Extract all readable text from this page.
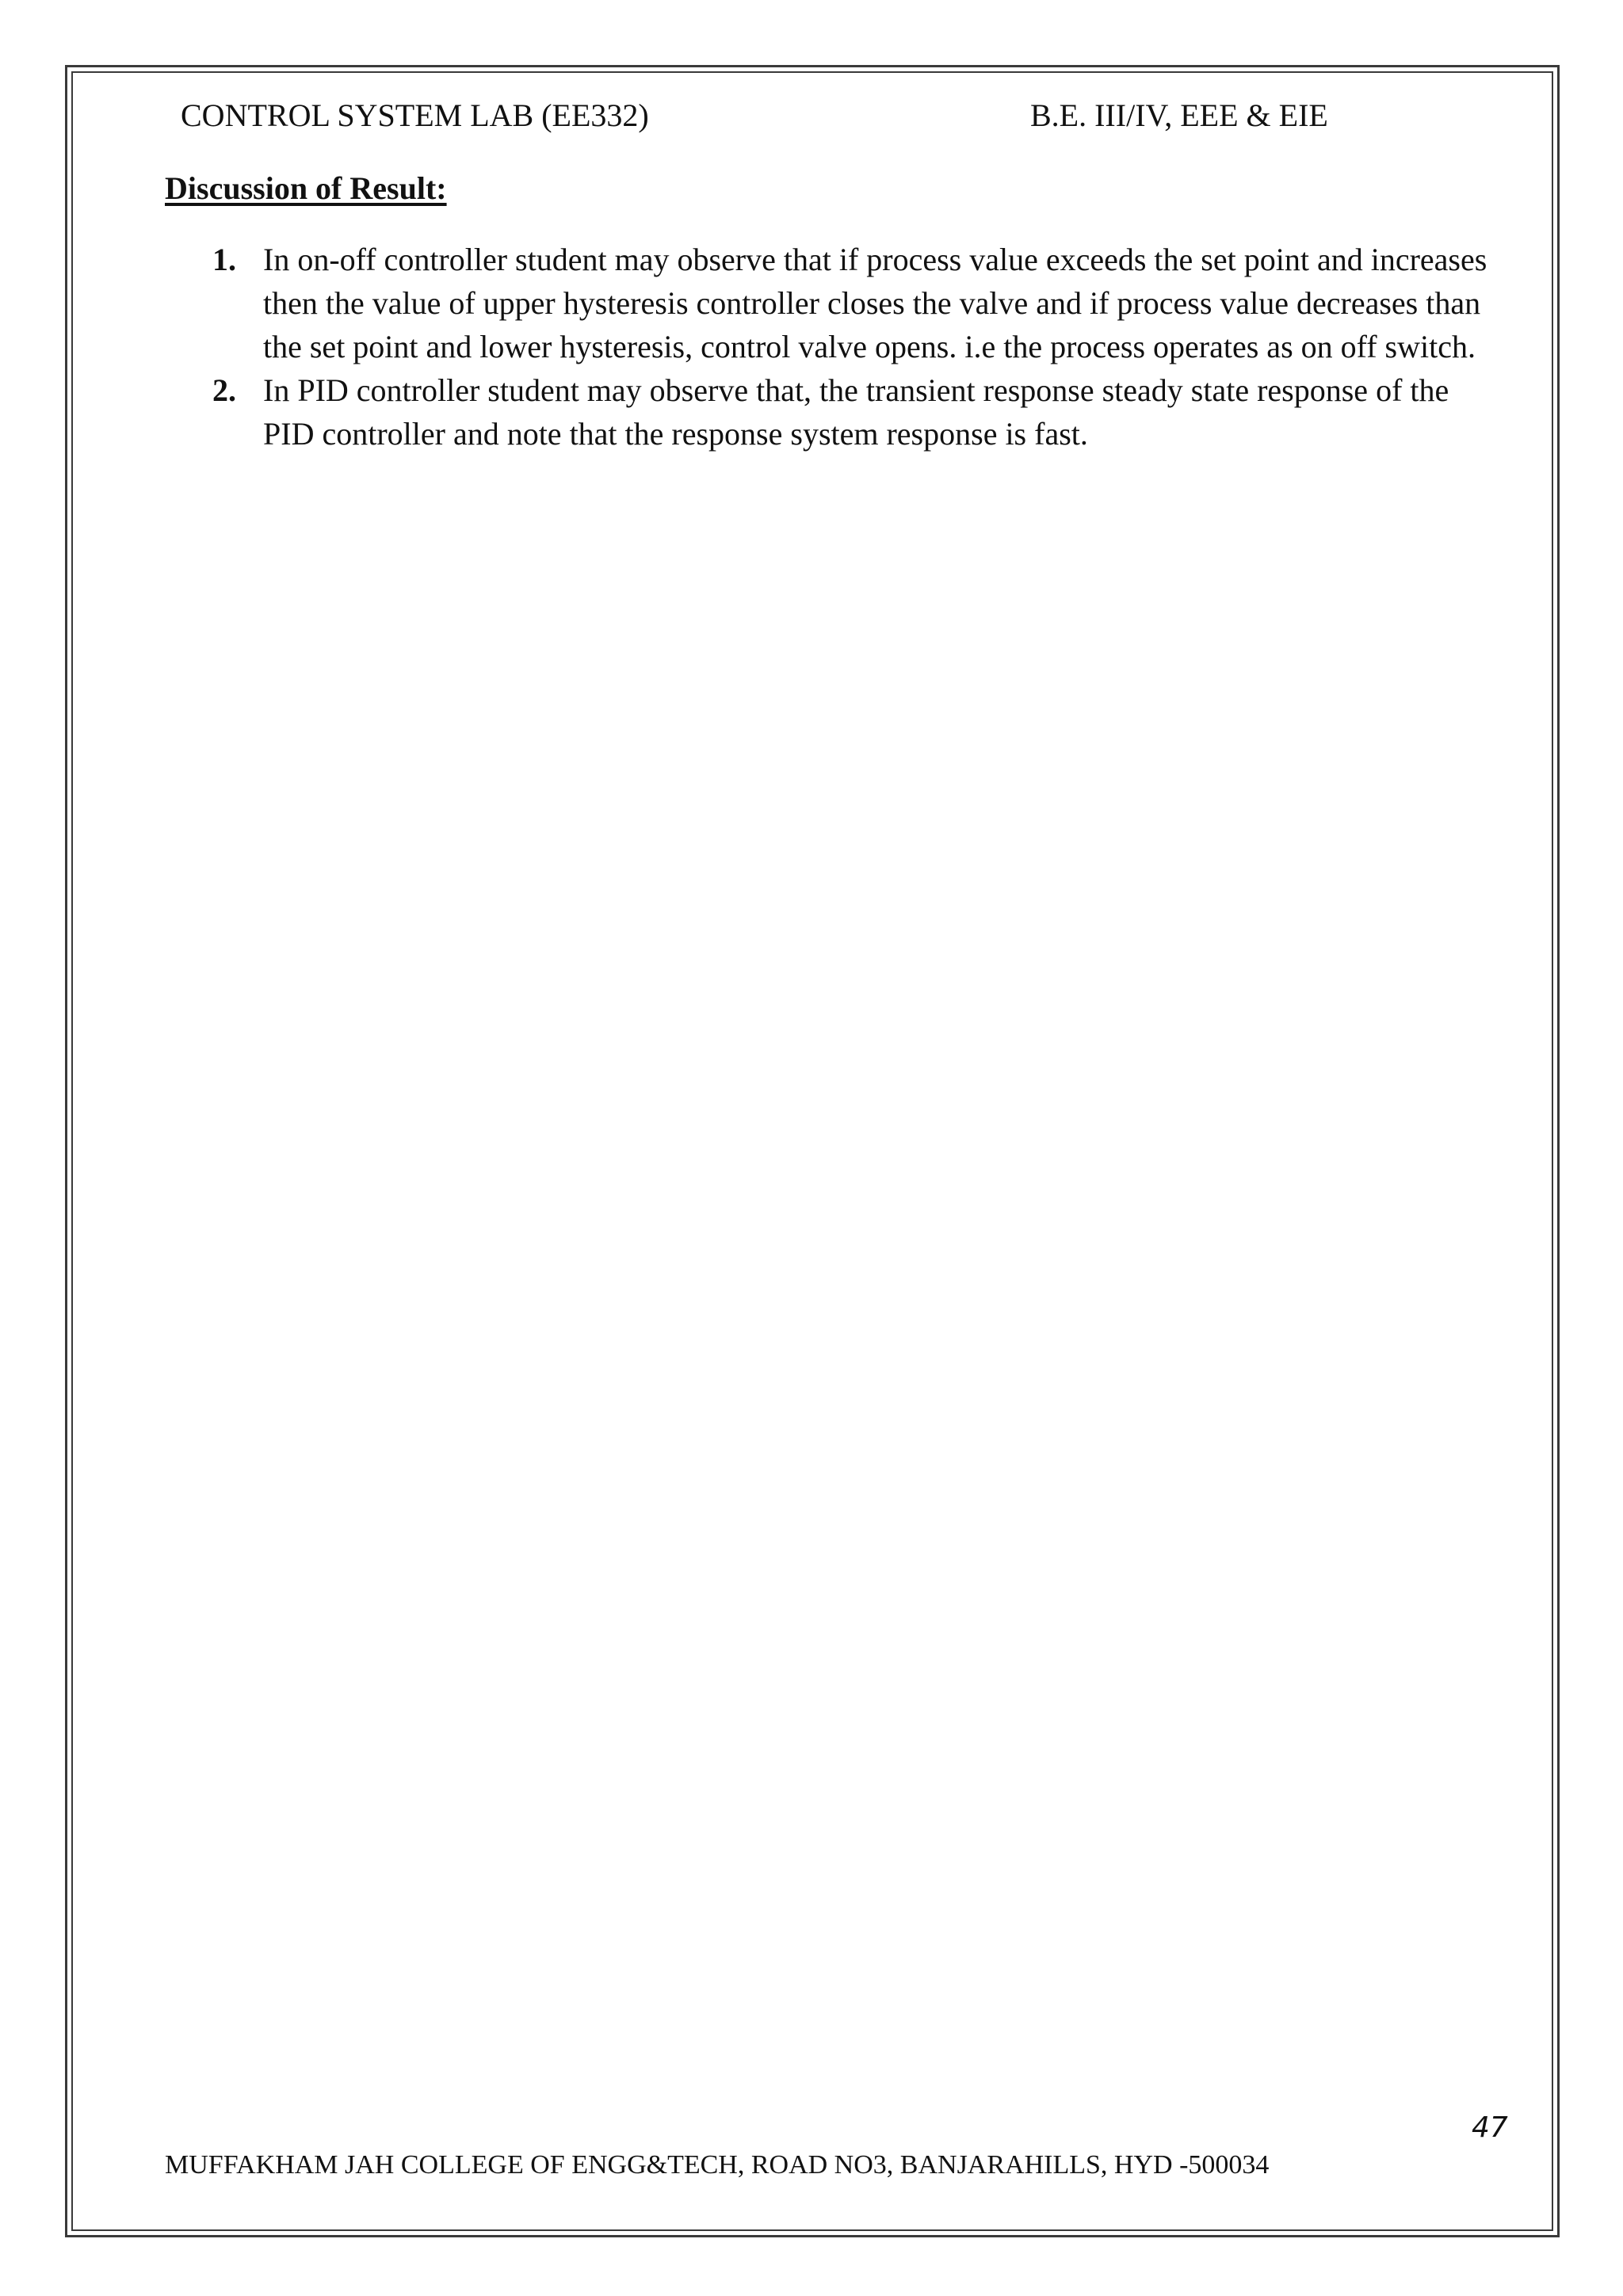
CONTROL SYSTEM LAB (EE332)	B.E. III/IV, EEE & EIE
Discussion of Result:
1. In on-off controller student may observe that if process value exceeds the set point and increases then the value of upper hysteresis controller closes the valve and if process value decreases than the set point and lower hysteresis, control valve opens. i.e the process operates as on off switch.
2. In PID controller student may observe that, the transient response steady state response of the PID controller and note that the response system response is fast.
47
MUFFAKHAM JAH COLLEGE OF ENGG&TECH, ROAD NO3, BANJARAHILLS, HYD -500034
